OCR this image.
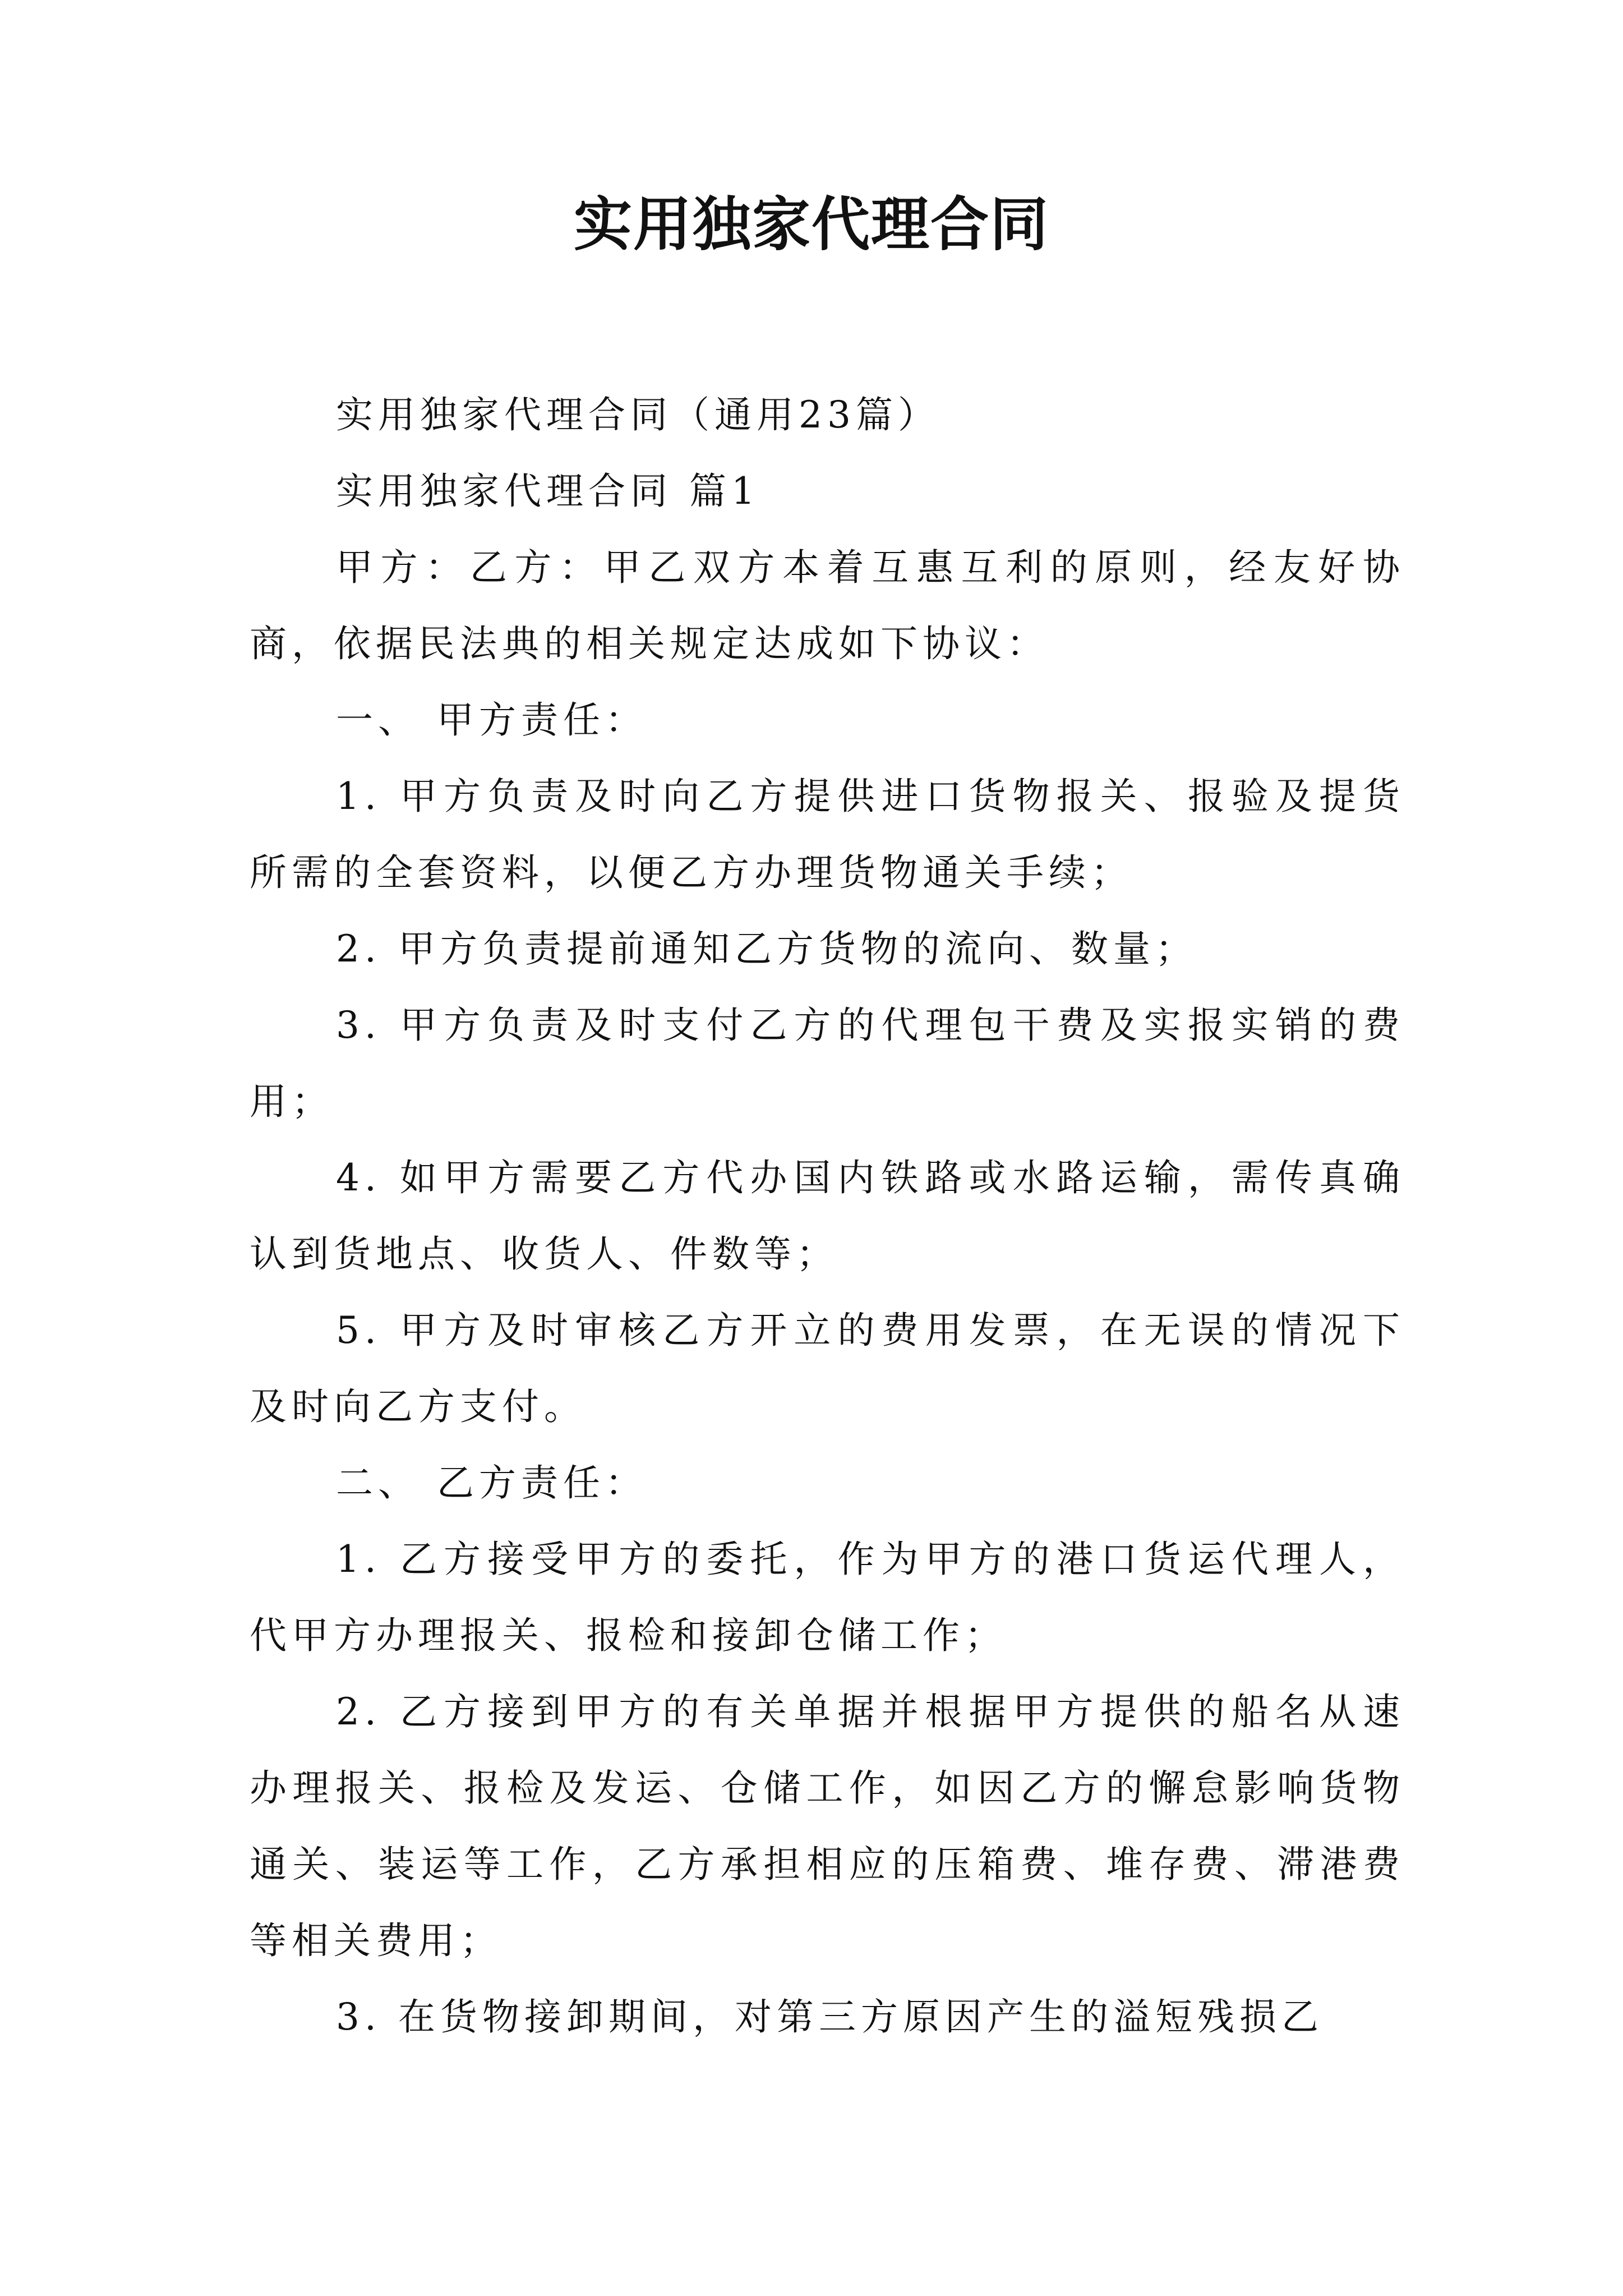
实用独家代理合同

实用独家代理合同（通用23篇）

实用独家代理合同 篇1

甲方：乙方：甲乙双方本着互惠互利的原则，经友好协商，依据民法典的相关规定达成如下协议：

一、 甲方责任：

1. 甲方负责及时向乙方提供进口货物报关、报验及提货所需的全套资料，以便乙方办理货物通关手续；

2. 甲方负责提前通知乙方货物的流向、数量；

3. 甲方负责及时支付乙方的代理包干费及实报实销的费用；

4. 如甲方需要乙方代办国内铁路或水路运输，需传真确认到货地点、收货人、件数等；

5. 甲方及时审核乙方开立的费用发票，在无误的情况下及时向乙方支付。

二、 乙方责任：

1. 乙方接受甲方的委托，作为甲方的港口货运代理人，代甲方办理报关、报检和接卸仓储工作；

2. 乙方接到甲方的有关单据并根据甲方提供的船名从速办理报关、报检及发运、仓储工作，如因乙方的懈怠影响货物通关、装运等工作，乙方承担相应的压箱费、堆存费、滞港费等相关费用；

3. 在货物接卸期间，对第三方原因产生的溢短残损乙
